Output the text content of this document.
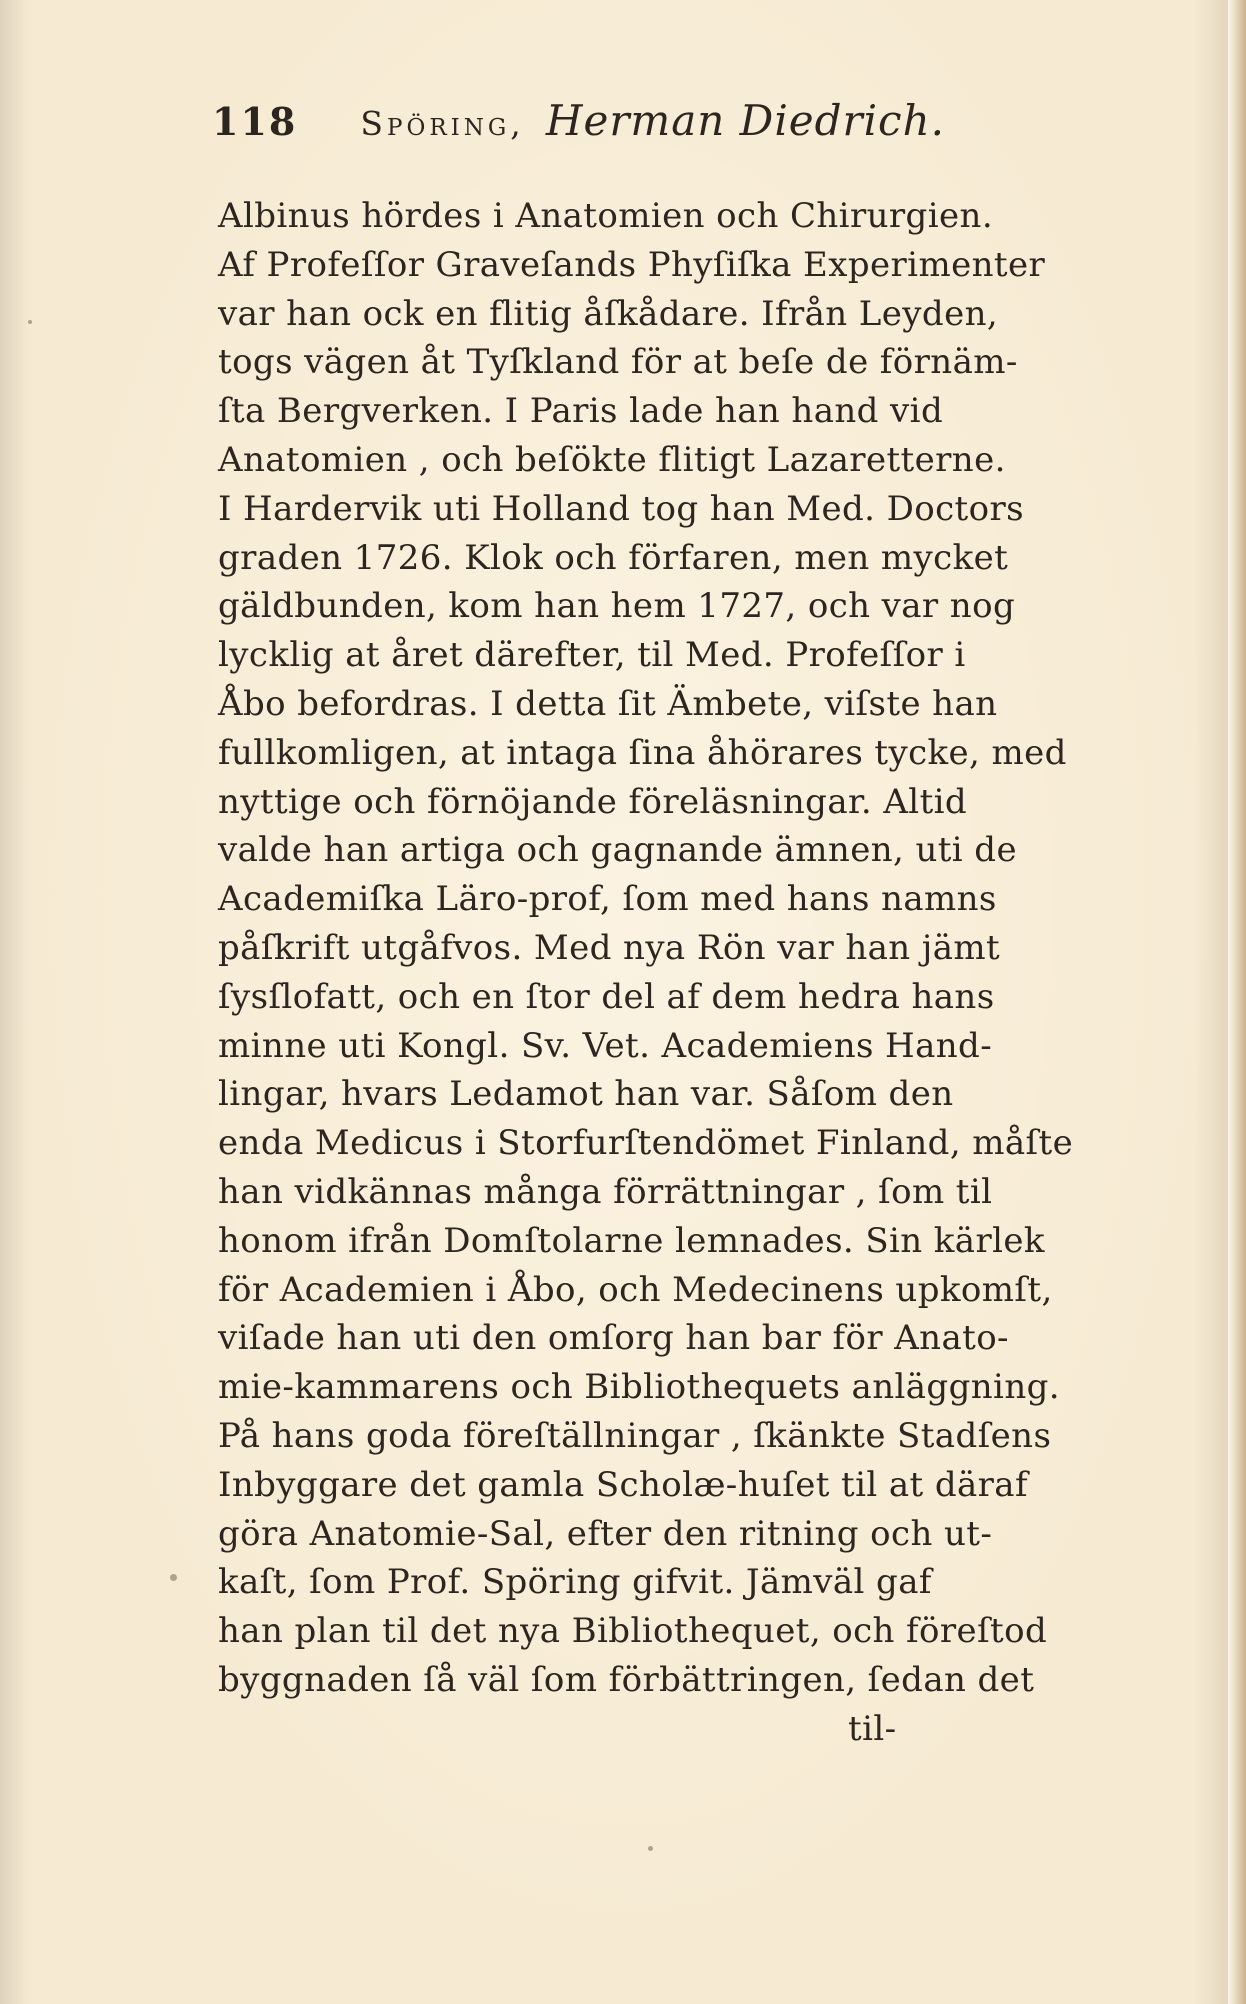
118 Spöring, Herman Diedrich.
Albinus hördes i Anatomien och Chirurgien.
Af Profeſſor Graveſands Phyſiſka Experimenter
var han ock en flitig åſkådare. Ifrån Leyden,
togs vägen åt Tyſkland för at beſe de förnäm-
ſta Bergverken. I Paris lade han hand vid
Anatomien , och beſökte flitigt Lazaretterne.
I Hardervik uti Holland tog han Med. Doctors
graden 1726. Klok och förfaren, men mycket
gäldbunden, kom han hem 1727, och var nog
lycklig at året därefter, til Med. Profeſſor i
Åbo befordras. I detta ſit Ämbete, viſste han
fullkomligen, at intaga ſina åhörares tycke, med
nyttige och förnöjande föreläsningar. Altid
valde han artiga och gagnande ämnen, uti de
Academiſka Läro-prof, ſom med hans namns
påſkrift utgåfvos. Med nya Rön var han jämt
ſysſlofatt, och en ſtor del af dem hedra hans
minne uti Kongl. Sv. Vet. Academiens Hand-
lingar, hvars Ledamot han var. Såſom den
enda Medicus i Storfurſtendömet Finland, måſte
han vidkännas många förrättningar , ſom til
honom ifrån Domſtolarne lemnades. Sin kärlek
för Academien i Åbo, och Medecinens upkomſt,
viſade han uti den omſorg han bar för Anato-
mie-kammarens och Bibliothequets anläggning.
På hans goda föreſtällningar , ſkänkte Stadſens
Inbyggare det gamla Scholæ-huſet til at däraf
göra Anatomie-Sal, efter den ritning och ut-
kaſt, ſom Prof. Spöring gifvit. Jämväl gaf
han plan til det nya Bibliothequet, och föreſtod
byggnaden ſå väl ſom förbättringen, ſedan det
til-
